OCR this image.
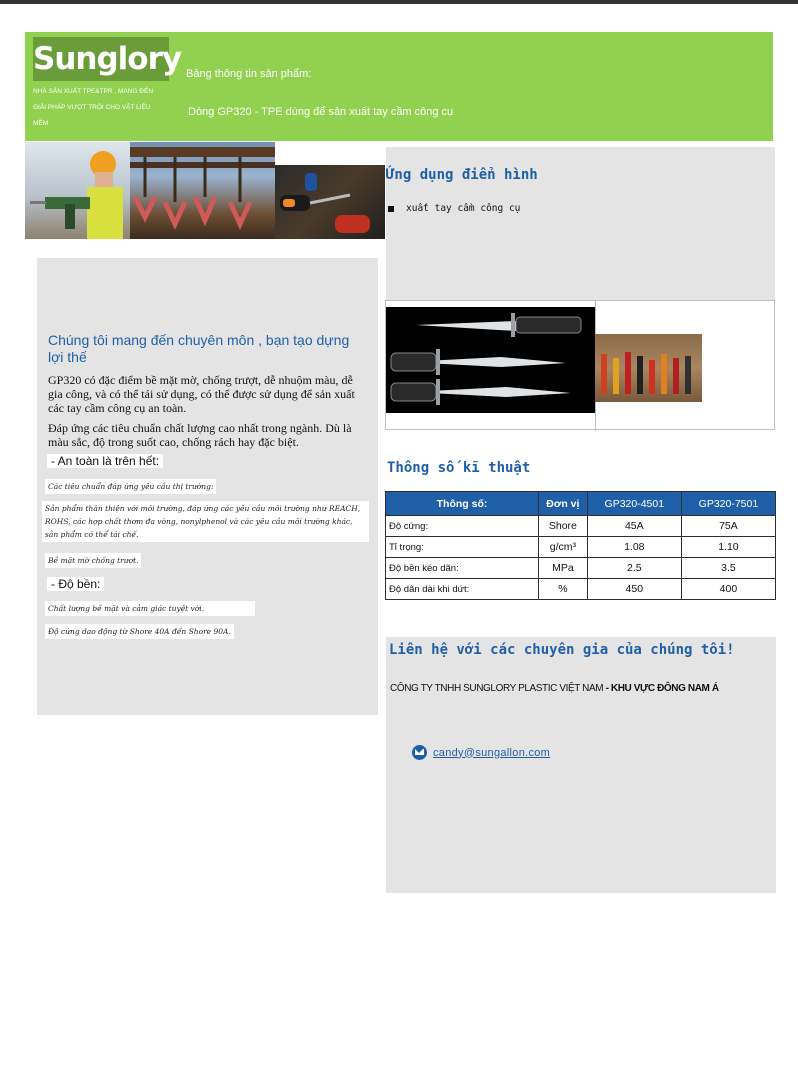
Sunglory
NHÀ SẢN XUẤT TPE&TPR , MANG ĐẾN GIẢI PHÁP VƯỢT TRỘI CHO VẬT LIỆU MỀM
Bảng thông tin sản phẩm:
Dòng GP320 - TPE dùng để sản xuất tay cầm công cụ
Chúng tôi mang đến chuyên môn , bạn tạo dựng lợi thế
GP320 có đặc điểm bề mặt mờ, chống trượt, dễ nhuộm màu, dễ gia công, và có thể tái sử dụng, có thể được sử dụng để sản xuất các tay cầm công cụ an toàn.
Đáp ứng các tiêu chuẩn chất lượng cao nhất trong ngành. Dù là màu sắc, độ trong suốt cao, chống rách hay đặc biệt.
- An toàn là trên hết:
Các tiêu chuẩn đáp ứng yêu cầu thị trường:
Sản phẩm thân thiện với môi trường, đáp ứng các yêu cầu môi trường như REACH, ROHS, các hợp chất thơm đa vòng, nonylphenol và các yêu cầu môi trường khác, sản phẩm có thể tái chế.
Bề mặt mờ chống trượt.
- Độ bền:
Chất lượng bề mặt và cảm giác tuyệt vời.
Độ cứng dao động từ Shore 40A đến Shore 90A.
Ứng dụng điển hình
xuất tay cầm công cụ
Thông số kĩ thuật
Thông số:	Đơn vị	GP320-4501	GP320-7501
Độ cứng:	Shore	45A	75A
Tỉ trọng:	g/cm³	1.08	1.10
Độ bền kéo dãn:	MPa	2.5	3.5
Độ dãn dài khi dứt:	%	450	400
Liên hệ với các chuyên gia của chúng tôi!
CÔNG TY TNHH SUNGLORY PLASTIC VIỆT NAM - KHU VỰC ĐÔNG NAM Á
candy@sungallon.com
